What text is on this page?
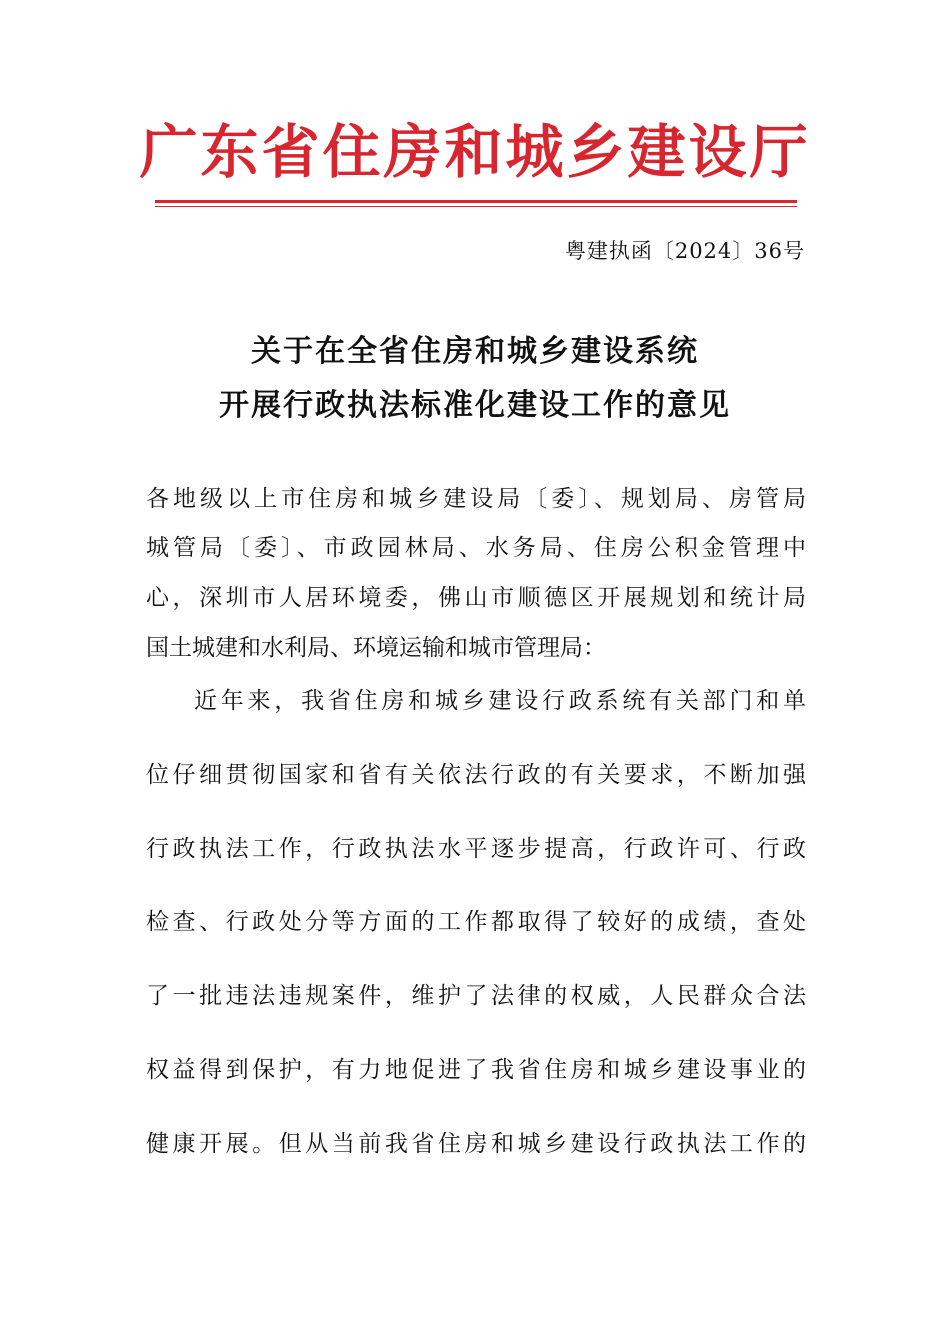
广东省住房和城乡建设厅
粤建执函〔2024〕36号
关于在全省住房和城乡建设系统
开展行政执法标准化建设工作的意见
各地级以上市住房和城乡建设局〔委〕、规划局、房管局
城管局〔委〕、市政园林局、水务局、住房公积金管理中
心，深圳市人居环境委，佛山市顺德区开展规划和统计局
国土城建和水利局、环境运输和城市管理局：
近年来，我省住房和城乡建设行政系统有关部门和单
位仔细贯彻国家和省有关依法行政的有关要求，不断加强
行政执法工作，行政执法水平逐步提高，行政许可、行政
检查、行政处分等方面的工作都取得了较好的成绩，查处
了一批违法违规案件，维护了法律的权威，人民群众合法
权益得到保护，有力地促进了我省住房和城乡建设事业的
健康开展。但从当前我省住房和城乡建设行政执法工作的
